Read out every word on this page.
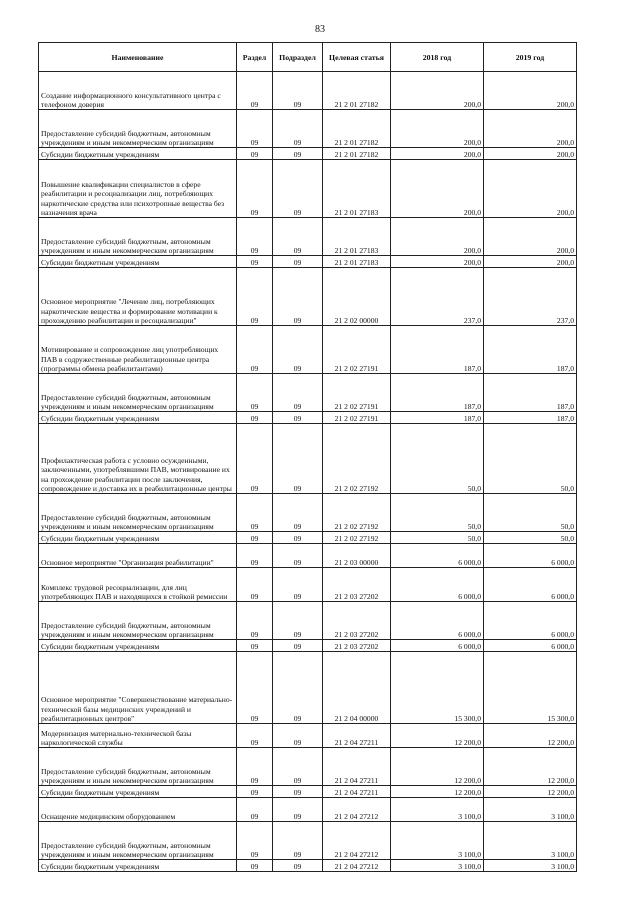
83
Наименование	Раздел	Подраздел	Целевая статья	2018 год	2019 год
Создание информационного консультативного центра с телефоном доверия	09	09	21 2 01 27182	200,0	200,0
Предоставление субсидий бюджетным, автономным учреждениям и иным некоммерческим организациям	09	09	21 2 01 27182	200,0	200,0
Субсидии бюджетным учреждениям	09	09	21 2 01 27182	200,0	200,0
Повышение квалификации специалистов в сфере реабилитации и ресоциализации лиц, потребляющих наркотические средства или психотропные вещества без назначения врача	09	09	21 2 01 27183	200,0	200,0
Предоставление субсидий бюджетным, автономным учреждениям и иным некоммерческим организациям	09	09	21 2 01 27183	200,0	200,0
Субсидии бюджетным учреждениям	09	09	21 2 01 27183	200,0	200,0
Основное мероприятие "Лечение лиц, потребляющих наркотические вещества и формирование мотивации к прохождению реабилитации и ресоциализации"	09	09	21 2 02 00000	237,0	237,0
Мотивирование и сопровождение лиц употребляющих ПАВ в содружественные реабилитационные центра (программы обмена реабилитантами)	09	09	21 2 02 27191	187,0	187,0
Предоставление субсидий бюджетным, автономным учреждениям и иным некоммерческим организациям	09	09	21 2 02 27191	187,0	187,0
Субсидии бюджетным учреждениям	09	09	21 2 02 27191	187,0	187,0
Профилактическая работа с условно осужденными, заключенными, употреблявшими ПАВ, мотивирование их на прохождение реабилитации после заключения, сопровождение и доставка их в реабилитационные центры	09	09	21 2 02 27192	50,0	50,0
Предоставление субсидий бюджетным, автономным учреждениям и иным некоммерческим организациям	09	09	21 2 02 27192	50,0	50,0
Субсидии бюджетным учреждениям	09	09	21 2 02 27192	50,0	50,0
Основное мероприятие "Организация реабилитации"	09	09	21 2 03 00000	6 000,0	6 000,0
Комплекс трудовой ресоциализации, для лиц употребляющих ПАВ и находящихся в стойкой ремиссии	09	09	21 2 03 27202	6 000,0	6 000,0
Предоставление субсидий бюджетным, автономным учреждениям и иным некоммерческим организациям	09	09	21 2 03 27202	6 000,0	6 000,0
Субсидии бюджетным учреждениям	09	09	21 2 03 27202	6 000,0	6 000,0
Основное мероприятие "Совершенствование материально-технической базы медицинских учреждений и реабилитационных центров"	09	09	21 2 04 00000	15 300,0	15 300,0
Модернизация материально-технической базы наркологической службы	09	09	21 2 04 27211	12 200,0	12 200,0
Предоставление субсидий бюджетным, автономным учреждениям и иным некоммерческим организациям	09	09	21 2 04 27211	12 200,0	12 200,0
Субсидии бюджетным учреждениям	09	09	21 2 04 27211	12 200,0	12 200,0
Оснащение медицинским оборудованием	09	09	21 2 04 27212	3 100,0	3 100,0
Предоставление субсидий бюджетным, автономным учреждениям и иным некоммерческим организациям	09	09	21 2 04 27212	3 100,0	3 100,0
Субсидии бюджетным учреждениям	09	09	21 2 04 27212	3 100,0	3 100,0
